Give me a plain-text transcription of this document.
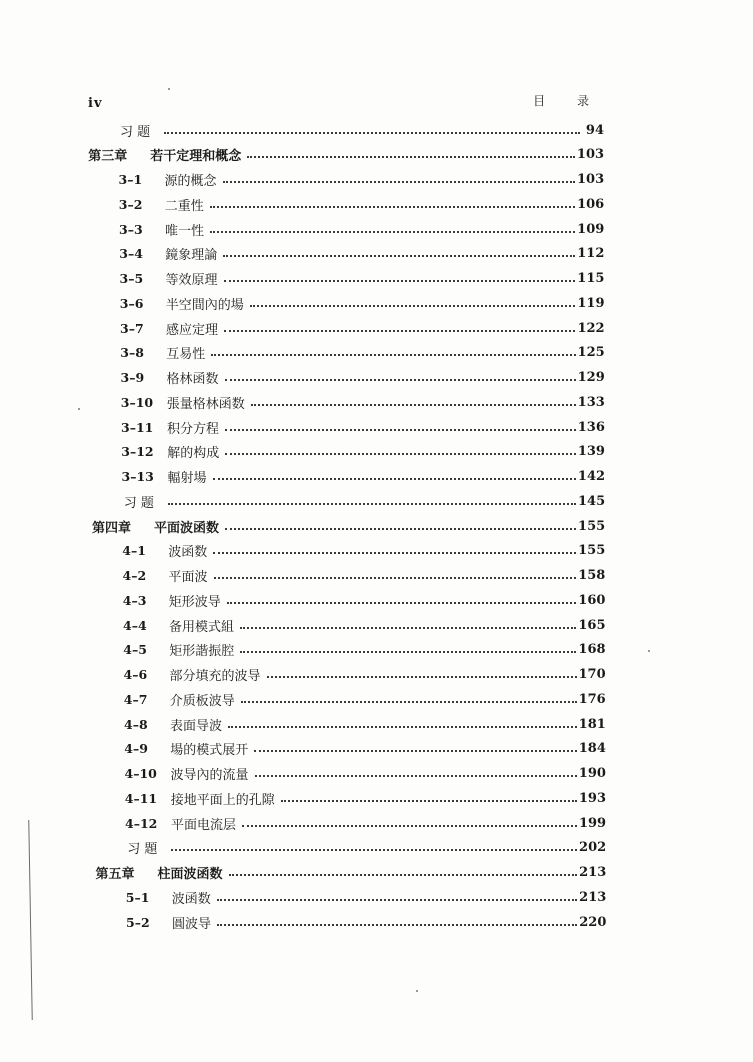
iv	目 录
习 题	94
第三章	若干定理和概念	103
3–1	源的概念	103
3–2	二重性	106
3–3	唯一性	109
3–4	鏡象理論	112
3–5	等效原理	115
3–6	半空間內的場	119
3–7	感应定理	122
3–8	互易性	125
3–9	格林函数	129
3–10	張量格林函数	133
3–11	积分方程	136
3–12	解的构成	139
3–13	輻射場	142
习 题	145
第四章	平面波函数	155
4–1	波函数	155
4–2	平面波	158
4–3	矩形波导	160
4–4	备用模式組	165
4–5	矩形諧振腔	168
4–6	部分填充的波导	170
4–7	介质板波导	176
4–8	表面导波	181
4–9	場的模式展开	184
4–10	波导內的流量	190
4–11	接地平面上的孔隙	193
4–12	平面电流层	199
习 題	202
第五章	柱面波函数	213
5–1	波函数	213
5–2	圓波导	220
